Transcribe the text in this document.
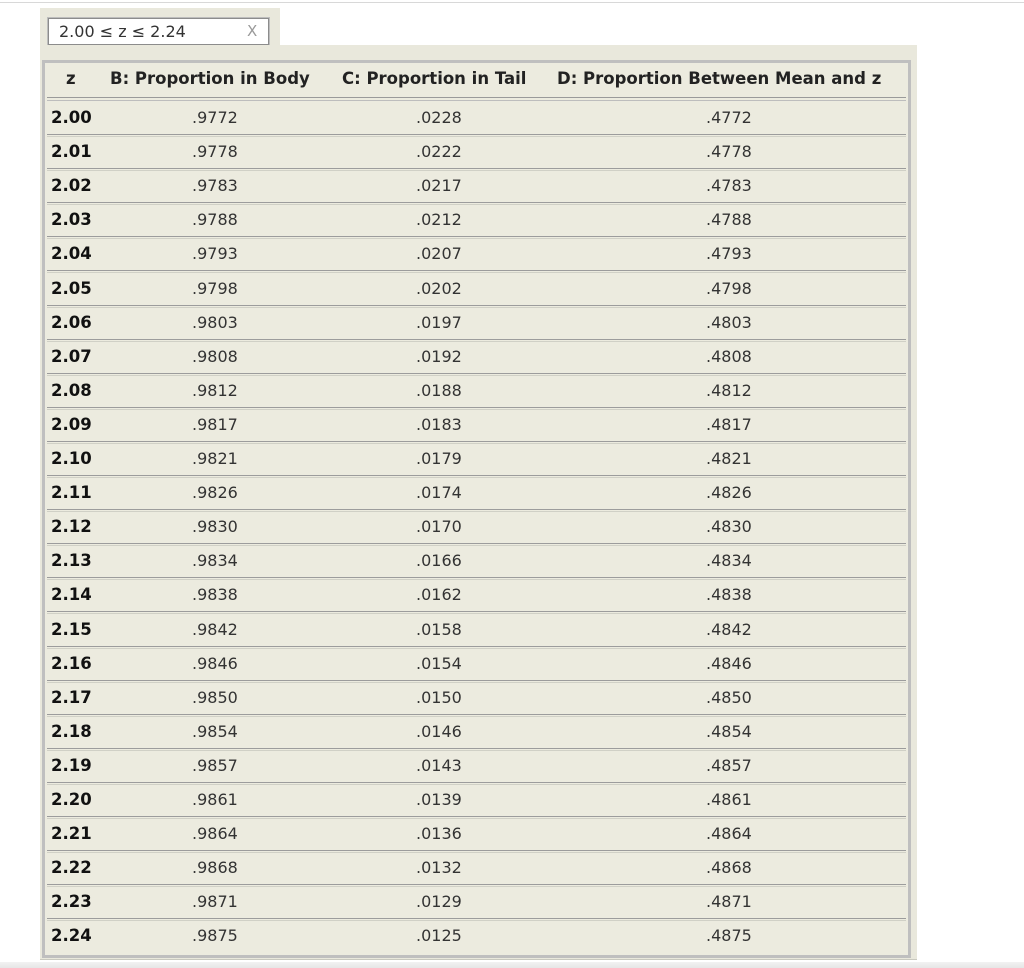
2.00 ≤ z ≤ 2.24	X
z B: Proportion in Body C: Proportion in Tail D: Proportion Between Mean and z
2.00	.9772	.0228	.4772
2.01	.9778	.0222	.4778
2.02	.9783	.0217	.4783
2.03	.9788	.0212	.4788
2.04	.9793	.0207	.4793
2.05	.9798	.0202	.4798
2.06	.9803	.0197	.4803
2.07	.9808	.0192	.4808
2.08	.9812	.0188	.4812
2.09	.9817	.0183	.4817
2.10	.9821	.0179	.4821
2.11	.9826	.0174	.4826
2.12	.9830	.0170	.4830
2.13	.9834	.0166	.4834
2.14	.9838	.0162	.4838
2.15	.9842	.0158	.4842
2.16	.9846	.0154	.4846
2.17	.9850	.0150	.4850
2.18	.9854	.0146	.4854
2.19	.9857	.0143	.4857
2.20	.9861	.0139	.4861
2.21	.9864	.0136	.4864
2.22	.9868	.0132	.4868
2.23	.9871	.0129	.4871
2.24	.9875	.0125	.4875
